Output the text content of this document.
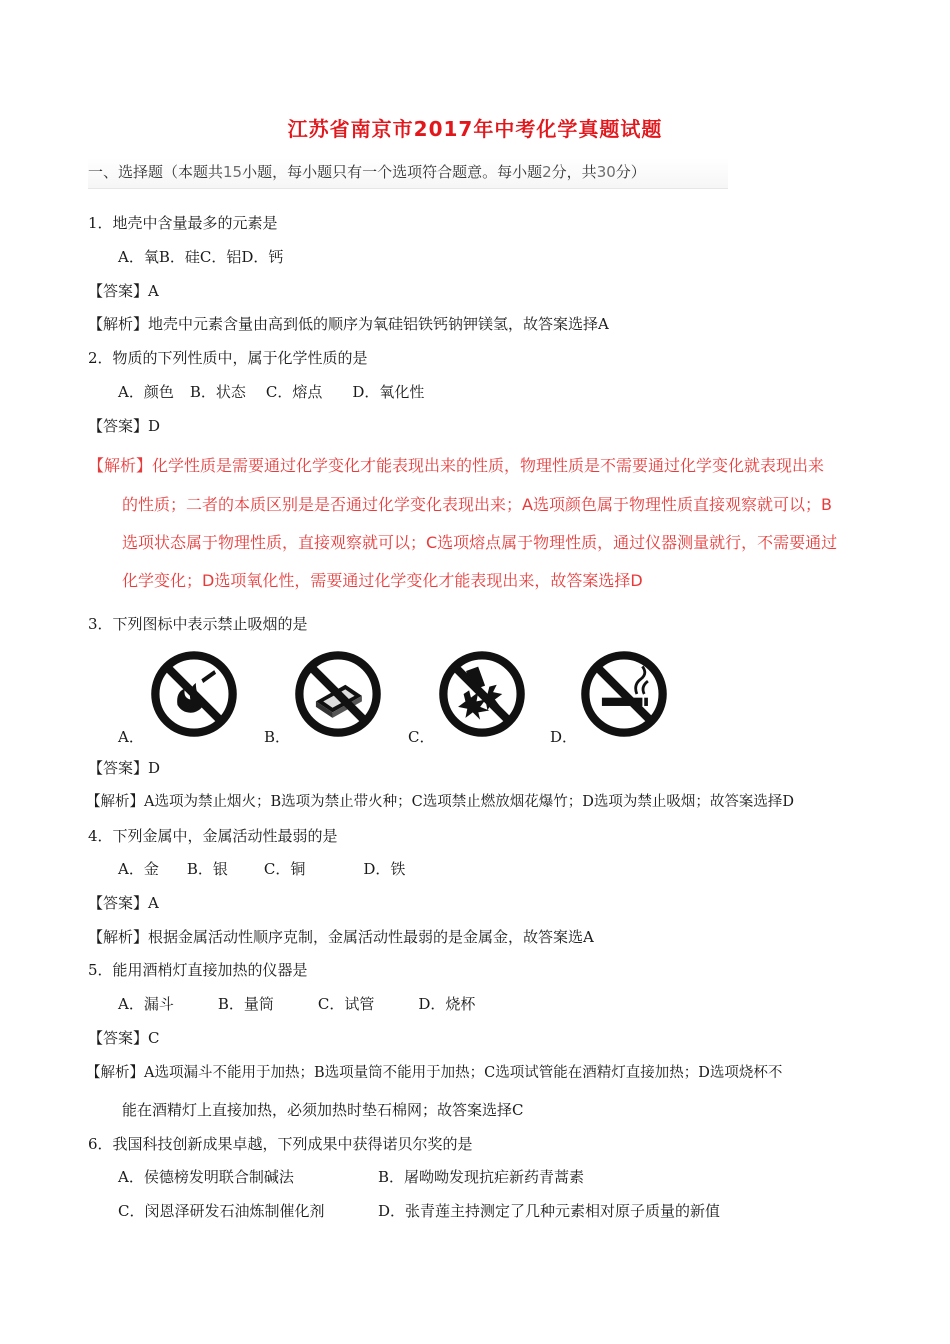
江苏省南京市2017年中考化学真题试题
一、选择题（本题共15小题，每小题只有一个选项符合题意。每小题2分，共30分）
1．地壳中含量最多的元素是
A．氧B．硅C．铝D．钙
【答案】A
【解析】地壳中元素含量由高到低的顺序为氧硅铝铁钙钠钾镁氢，故答案选择A
2．物质的下列性质中，属于化学性质的是
A．颜色 B．状态 C．熔点 D．氧化性
【答案】D
【解析】化学性质是需要通过化学变化才能表现出来的性质，物理性质是不需要通过化学变化就表现出来
的性质；二者的本质区别是是否通过化学变化表现出来；A选项颜色属于物理性质直接观察就可以；B
选项状态属于物理性质，直接观察就可以；C选项熔点属于物理性质，通过仪器测量就行，不需要通过
化学变化；D选项氧化性，需要通过化学变化才能表现出来，故答案选择D
3．下列图标中表示禁止吸烟的是
A．	B．	C．	D．
【答案】D
【解析】A选项为禁止烟火；B选项为禁止带火种；C选项禁止燃放烟花爆竹；D选项为禁止吸烟；故答案选择D
4．下列金属中，金属活动性最弱的是
A．金 B．银 C．铜	D．铁
【答案】A
【解析】根据金属活动性顺序克制，金属活动性最弱的是金属金，故答案选A
5．能用酒梢灯直接加热的仪器是
A．漏斗	B．量筒	C．试管	D．烧杯
【答案】C
【解析】A选项漏斗不能用于加热；B选项量筒不能用于加热；C选项试管能在酒精灯直接加热；D选项烧杯不
能在酒精灯上直接加热，必须加热时垫石棉网；故答案选择C
6．我国科技创新成果卓越，下列成果中获得诺贝尔奖的是
A．侯德榜发明联合制碱法	B．屠呦呦发现抗疟新药青蒿素
C．闵恩泽研发石油炼制催化剂	D．张青莲主持测定了几种元素相对原子质量的新值
